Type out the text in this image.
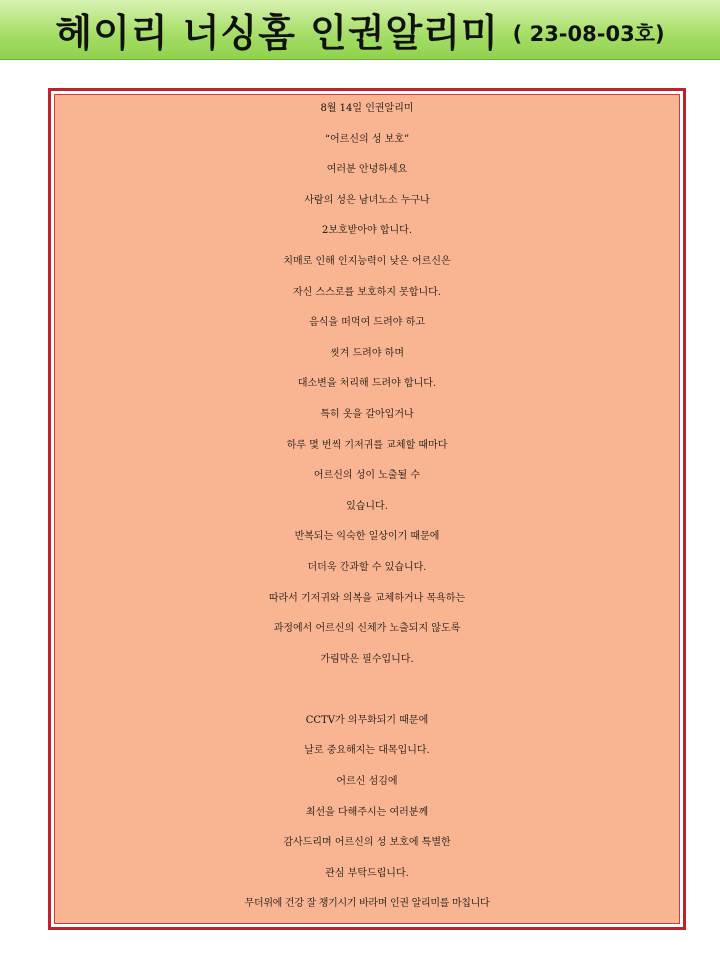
헤이리 너싱홈 인권알리미 ( 23-08-03호)
8월 14일 인권알리미
“어르신의 성 보호”
여러분 안녕하세요
사람의 성은 남녀노소 누구나
2보호받아야 합니다.
치매로 인해 인지능력이 낮은 어르신은
자신 스스로를 보호하지 못합니다.
음식을 떠먹여 드려야 하고
씻겨 드려야 하며
대소변을 처리해 드려야 합니다.
특히 옷을 갈아입거나
하루 몇 번씩 기저귀를 교체할 때마다
어르신의 성이 노출될 수
있습니다.
반복되는 익숙한 일상이기 때문에
더더욱 간과할 수 있습니다.
따라서 기저귀와 의복을 교체하거나 목욕하는
과정에서 어르신의 신체가 노출되지 않도록
가림막은 필수입니다.
CCTV가 의무화되기 때문에
날로 중요해지는 대목입니다.
어르신 섬김에
최선을 다해주시는 여러분께
감사드리며 어르신의 성 보호에 특별한
관심 부탁드립니다.
무더위에 건강 잘 챙기시기 바라며 인권 알리미를 마칩니다
